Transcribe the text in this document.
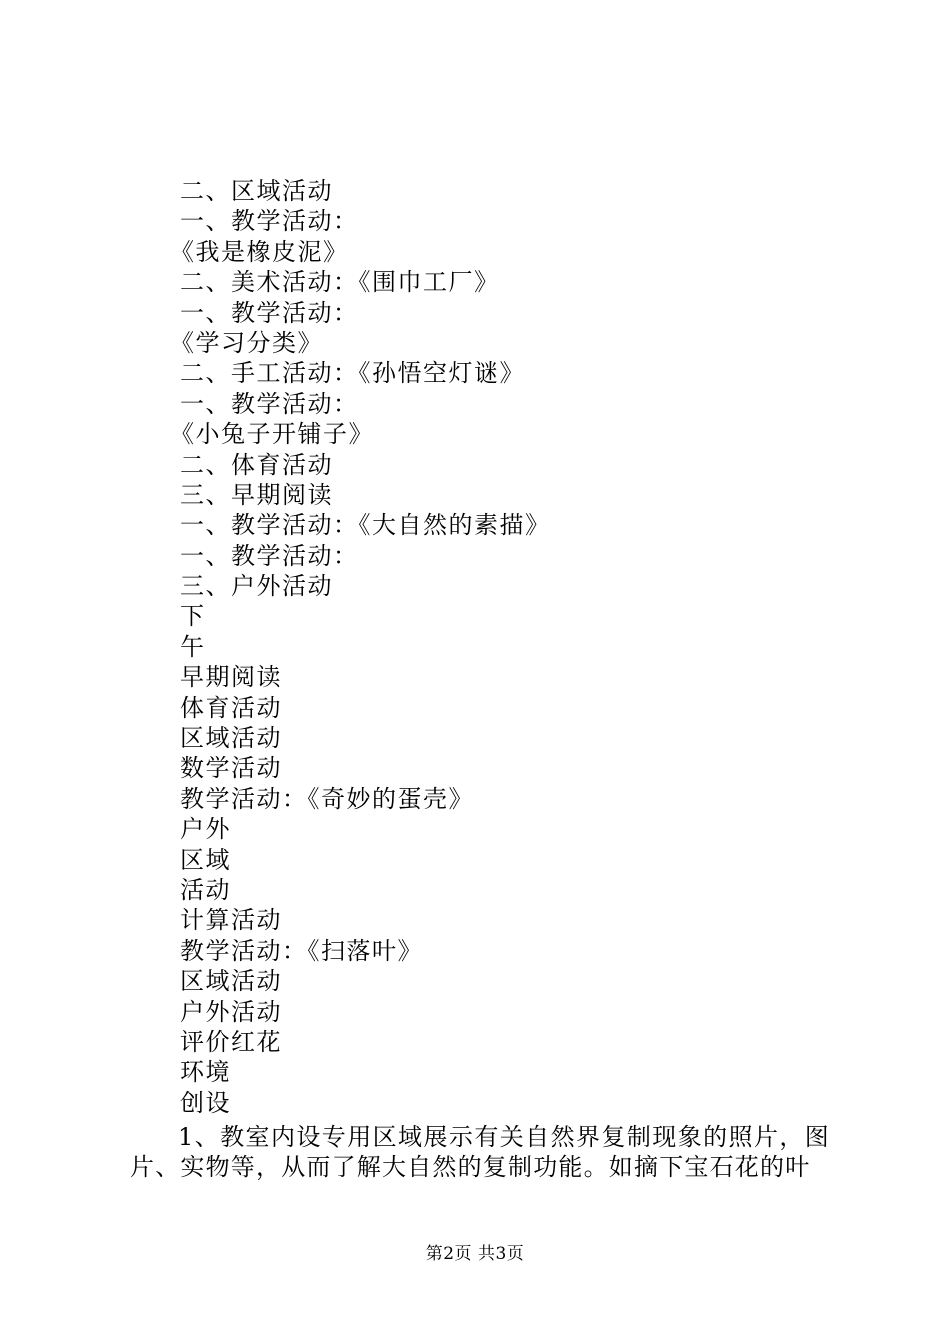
二、区域活动
一、教学活动：
《我是橡皮泥》
二、美术活动：《围巾工厂》
一、教学活动：
《学习分类》
二、手工活动：《孙悟空灯谜》
一、教学活动：
《小兔子开铺子》
二、体育活动
三、早期阅读
一、教学活动：《大自然的素描》
一、教学活动：
三、户外活动
下
午
早期阅读
体育活动
区域活动
数学活动
教学活动：《奇妙的蛋壳》
户外
区域
活动
计算活动
教学活动：《扫落叶》
区域活动
户外活动
评价红花
环境
创设

1、教室内设专用区域展示有关自然界复制现象的照片，图片、实物等，从而了解大自然的复制功能。如摘下宝石花的叶

第2页 共3页
